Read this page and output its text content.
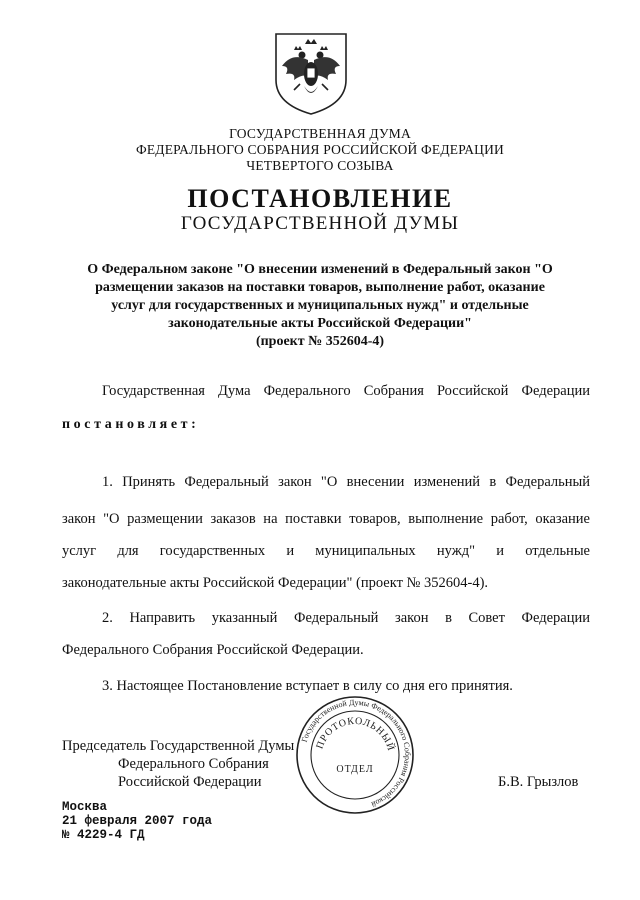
ГОСУДАРСТВЕННАЯ ДУМА
ФЕДЕРАЛЬНОГО СОБРАНИЯ РОССИЙСКОЙ ФЕДЕРАЦИИ
ЧЕТВЕРТОГО СОЗЫВА
ПОСТАНОВЛЕНИЕ
ГОСУДАРСТВЕННОЙ ДУМЫ
О Федеральном законе "О внесении изменений в Федеральный закон "О
размещении заказов на поставки товаров, выполнение работ, оказание
услуг для государственных и муниципальных нужд" и отдельные
законодательные акты Российской Федерации"
(проект № 352604-4)
Государственная Дума Федерального Собрания Российской Федерации
постановляет:
1. Принять Федеральный закон "О внесении изменений в Федеральный
закон "О размещении заказов на поставки товаров, выполнение работ, оказание
услуг для государственных и муниципальных нужд" и отдельные
законодательные акты Российской Федерации" (проект № 352604-4).
2. Направить указанный Федеральный закон в Совет Федерации
Федерального Собрания Российской Федерации.
3. Настоящее Постановление вступает в силу со дня его принятия.
Председатель Государственной Думы
Федерального Собрания
Российской Федерации	Б.В. Грызлов
Государственной Думы Федерального Собрания Российской
ПРОТОКОЛЬНЫЙ
ОТДЕЛ
Москва
21 февраля 2007 года
№ 4229-4 ГД
